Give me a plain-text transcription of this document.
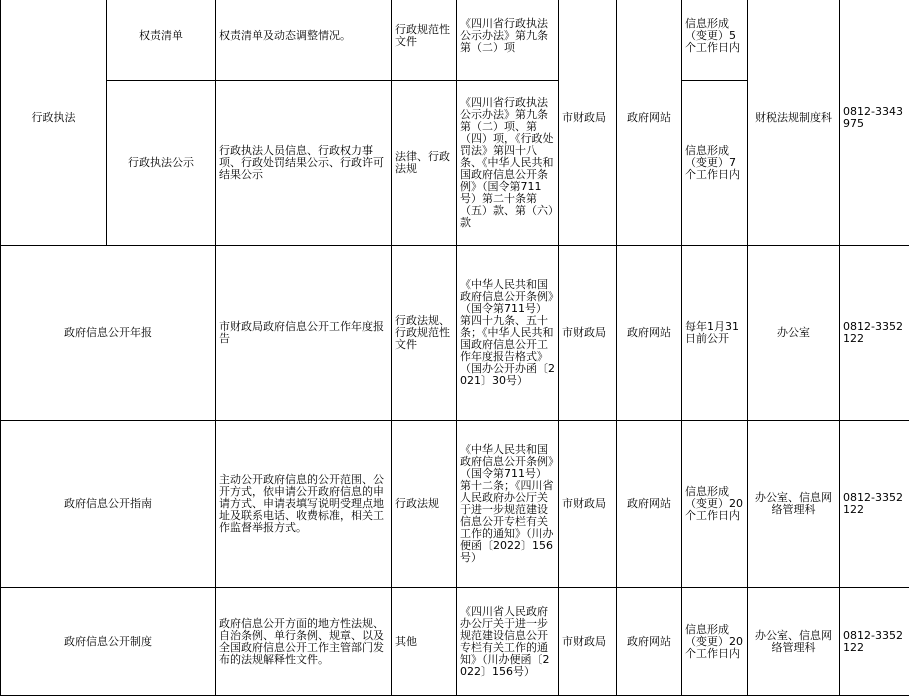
行政执法	权责清单	权责清单及动态调整情况。	行政规范性文件	《四川省行政执法公示办法》第九条第（二）项	市财政局	政府网站	信息形成（变更）5个工作日内	财税法规制度科	0812-3343975
	行政执法公示	行政执法人员信息、行政权力事项、行政处罚结果公示、行政许可结果公示	法律、行政法规	《四川省行政执法公示办法》第九条第（二）项、第（四）项，《行政处罚法》第四十八条、《中华人民共和国政府信息公开条例》（国令第711号）第二十条第（五）款、第（六）款			信息形成（变更）7个工作日内		
政府信息公开年报		市财政局政府信息公开工作年度报告	行政法规、行政规范性文件	《中华人民共和国政府信息公开条例》（国令第711号）第四十九条、五十条；《中华人民共和国政府信息公开工作年度报告格式》（国办公开办函〔2021〕30号）	市财政局	政府网站	每年1月31日前公开	办公室	0812-3352122
政府信息公开指南		主动公开政府信息的公开范围、公开方式，依申请公开政府信息的申请方式、申请表填写说明受理点地址及联系电话、收费标准，相关工作监督举报方式。	行政法规	《中华人民共和国政府信息公开条例》（国令第711号）第十二条；《四川省人民政府办公厅关于进一步规范建设信息公开专栏有关工作的通知》（川办便函〔2022〕156号）	市财政局	政府网站	信息形成（变更）20个工作日内	办公室、信息网络管理科	0812-3352122
政府信息公开制度		政府信息公开方面的地方性法规、自治条例、单行条例、规章、以及全国政府信息公开工作主管部门发布的法规解释性文件。	其他	《四川省人民政府办公厅关于进一步规范建设信息公开专栏有关工作的通知》（川办便函〔2022〕156号）	市财政局	政府网站	信息形成（变更）20个工作日内	办公室、信息网络管理科	0812-3352122
